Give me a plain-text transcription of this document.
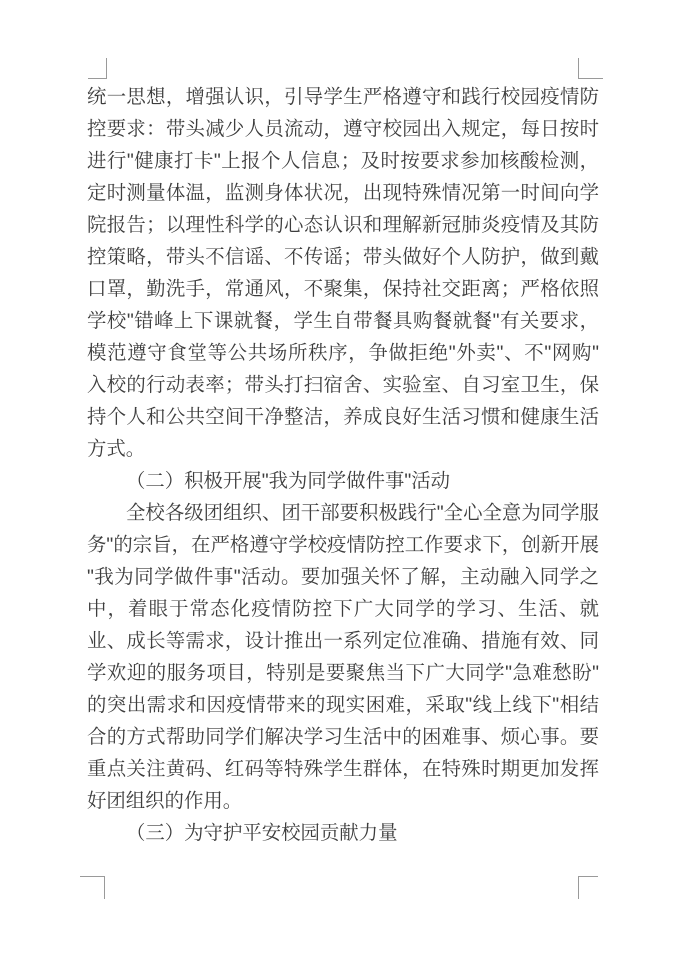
统一思想，增强认识，引导学生严格遵守和践行校园疫情防
控要求：带头减少人员流动，遵守校园出入规定，每日按时
进行"健康打卡"上报个人信息；及时按要求参加核酸检测，
定时测量体温，监测身体状况，出现特殊情况第一时间向学
院报告；以理性科学的心态认识和理解新冠肺炎疫情及其防
控策略，带头不信谣、不传谣；带头做好个人防护，做到戴
口罩，勤洗手，常通风，不聚集，保持社交距离；严格依照
学校"错峰上下课就餐，学生自带餐具购餐就餐"有关要求，
模范遵守食堂等公共场所秩序，争做拒绝"外卖"、不"网购"
入校的行动表率；带头打扫宿舍、实验室、自习室卫生，保
持个人和公共空间干净整洁，养成良好生活习惯和健康生活
方式。
（二）积极开展"我为同学做件事"活动
全校各级团组织、团干部要积极践行"全心全意为同学服
务"的宗旨，在严格遵守学校疫情防控工作要求下，创新开展
"我为同学做件事"活动。要加强关怀了解，主动融入同学之
中，着眼于常态化疫情防控下广大同学的学习、生活、就
业、成长等需求，设计推出一系列定位准确、措施有效、同
学欢迎的服务项目，特别是要聚焦当下广大同学"急难愁盼"
的突出需求和因疫情带来的现实困难，采取"线上线下"相结
合的方式帮助同学们解决学习生活中的困难事、烦心事。要
重点关注黄码、红码等特殊学生群体，在特殊时期更加发挥
好团组织的作用。
（三）为守护平安校园贡献力量
